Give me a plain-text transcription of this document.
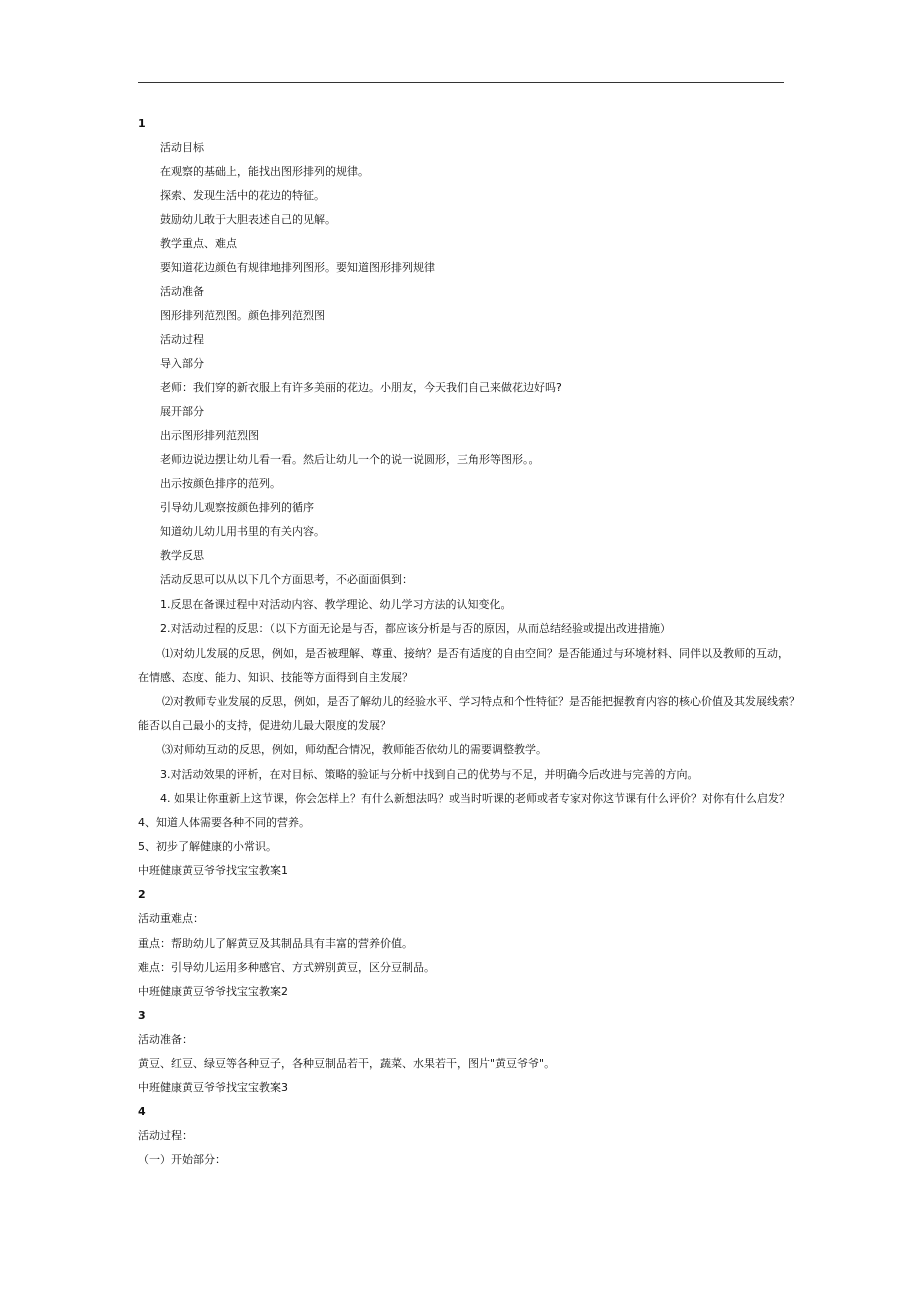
1
活动目标
在观察的基础上，能找出图形排列的规律。
探索、发现生活中的花边的特征。
鼓励幼儿敢于大胆表述自己的见解。
教学重点、难点
要知道花边颜色有规律地排列图形。要知道图形排列规律
活动准备
图形排列范烈图。颜色排列范烈图
活动过程
导入部分
老师：我们穿的新衣服上有许多美丽的花边。小朋友，今天我们自己来做花边好吗?
展开部分
出示图形排列范烈图
老师边说边摆让幼儿看一看。然后让幼儿一个的说一说圆形，三角形等图形。。
出示按颜色排序的范列。
引导幼儿观察按颜色排列的循序
知道幼儿幼儿用书里的有关内容。
教学反思
活动反思可以从以下几个方面思考，不必面面俱到：
1.反思在备课过程中对活动内容、教学理论、幼儿学习方法的认知变化。
2.对活动过程的反思：（以下方面无论是与否，都应该分析是与否的原因，从而总结经验或提出改进措施）
⑴对幼儿发展的反思，例如，是否被理解、尊重、接纳？是否有适度的自由空间？是否能通过与环境材料、同伴以及教师的互动，
在情感、态度、能力、知识、技能等方面得到自主发展？
⑵对教师专业发展的反思，例如，是否了解幼儿的经验水平、学习特点和个性特征？是否能把握教育内容的核心价值及其发展线索？
能否以自己最小的支持，促进幼儿最大限度的发展？
⑶对师幼互动的反思，例如，师幼配合情况，教师能否依幼儿的需要调整教学。
3.对活动效果的评析，在对目标、策略的验证与分析中找到自己的优势与不足，并明确今后改进与完善的方向。
4. 如果让你重新上这节课，你会怎样上？有什么新想法吗？或当时听课的老师或者专家对你这节课有什么评价？对你有什么启发？
4、知道人体需要各种不同的营养。
5、初步了解健康的小常识。
中班健康黄豆爷爷找宝宝教案1
2
活动重难点：
重点：帮助幼儿了解黄豆及其制品具有丰富的营养价值。
难点：引导幼儿运用多种感官、方式辨别黄豆，区分豆制品。
中班健康黄豆爷爷找宝宝教案2
3
活动准备：
黄豆、红豆、绿豆等各种豆子，各种豆制品若干，蔬菜、水果若干，图片"黄豆爷爷"。
中班健康黄豆爷爷找宝宝教案3
4
活动过程：
（一）开始部分：
